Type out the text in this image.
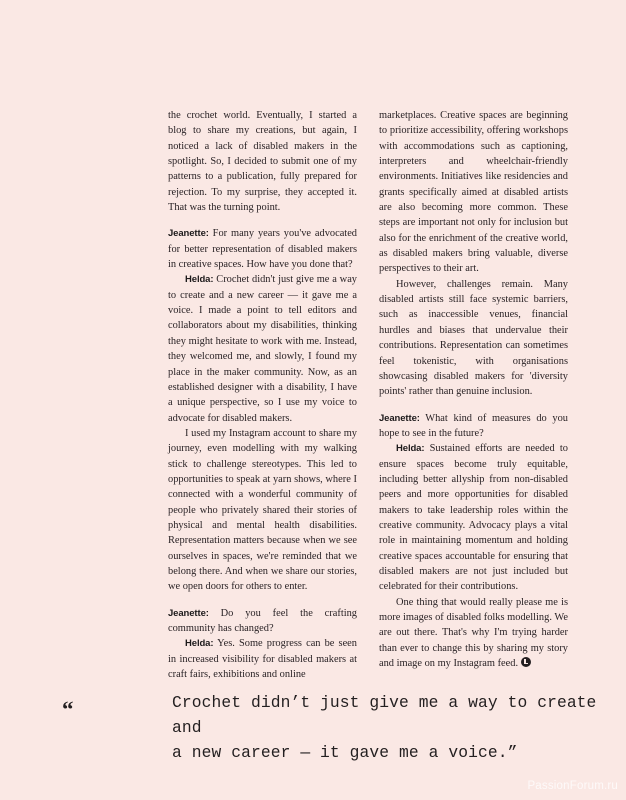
the crochet world. Eventually, I started a blog to share my creations, but again, I noticed a lack of disabled makers in the spotlight. So, I decided to submit one of my patterns to a publication, fully prepared for rejection. To my surprise, they accepted it. That was the turning point.

Jeanette: For many years you've advocated for better representation of disabled makers in creative spaces. How have you done that?

Helda: Crochet didn't just give me a way to create and a new career — it gave me a voice. I made a point to tell editors and collaborators about my disabilities, thinking they might hesitate to work with me. Instead, they welcomed me, and slowly, I found my place in the maker community. Now, as an established designer with a disability, I have a unique perspective, so I use my voice to advocate for disabled makers.

I used my Instagram account to share my journey, even modelling with my walking stick to challenge stereotypes. This led to opportunities to speak at yarn shows, where I connected with a wonderful community of people who privately shared their stories of physical and mental health disabilities. Representation matters because when we see ourselves in spaces, we're reminded that we belong there. And when we share our stories, we open doors for others to enter.

Jeanette: Do you feel the crafting community has changed?

Helda: Yes. Some progress can be seen in increased visibility for disabled makers at craft fairs, exhibitions and online

marketplaces. Creative spaces are beginning to prioritize accessibility, offering workshops with accommodations such as captioning, interpreters and wheelchair-friendly environments. Initiatives like residencies and grants specifically aimed at disabled artists are also becoming more common. These steps are important not only for inclusion but also for the enrichment of the creative world, as disabled makers bring valuable, diverse perspectives to their art.

However, challenges remain. Many disabled artists still face systemic barriers, such as inaccessible venues, financial hurdles and biases that undervalue their contributions. Representation can sometimes feel tokenistic, with organisations showcasing disabled makers for 'diversity points' rather than genuine inclusion.

Jeanette: What kind of measures do you hope to see in the future?

Helda: Sustained efforts are needed to ensure spaces become truly equitable, including better allyship from non-disabled peers and more opportunities for disabled makers to take leadership roles within the creative community. Advocacy plays a vital role in maintaining momentum and holding creative spaces accountable for ensuring that disabled makers are not just included but celebrated for their contributions.

One thing that would really please me is more images of disabled folks modelling. We are out there. That's why I'm trying harder than ever to change this by sharing my story and image on my Instagram feed.

“	Crochet didn’t just give me a way to create and
a new career — it gave me a voice.”
PassionForum.ru
